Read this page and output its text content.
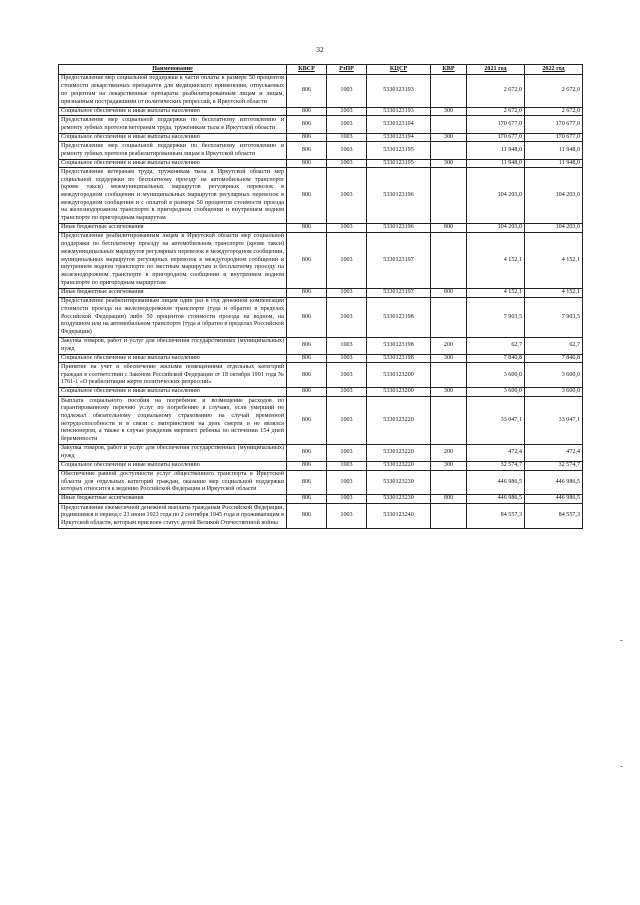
32
Наименование	КВСР	РзПР	КЦСР	КВР	2021 год	2022 год
Предоставление мер социальной поддержки в части оплаты в размере 50 процентов стоимости лекарственных препаратов для медицинского применения, отпускаемых по рецептам на лекарственные препараты реабилитированным лицам и лицам, признанным пострадавшими от политических репрессий, в Иркутской области	806	1003	5330123193		2 672,0	2 672,0
Социальное обеспечение и иные выплаты населению	806	1003	5330123193	300	2 672,0	2 672,0
Предоставление мер социальной поддержки по бесплатному изготовлению и ремонту зубных протезов ветеранам труда, труженикам тыла в Иркутской области	806	1003	5330123194		170 677,0	170 677,0
Социальное обеспечение и иные выплаты населению	806	1003	5330123194	300	170 677,0	170 677,0
Предоставление мер социальной поддержки по бесплатному изготовлению и ремонту зубных протезов реабилитированным лицам в Иркутской области	806	1003	5330123195		11 948,0	11 948,0
Социальное обеспечение и иные выплаты населению	806	1003	5330123195	300	11 948,0	11 948,0
Предоставление ветеранам труда, труженикам тыла в Иркутской области мер социальной поддержки по бесплатному проезду на автомобильном транспорте (кроме такси) межмуниципальных маршрутов регулярных перевозок в междугородном сообщении и муниципальных маршрутов регулярных перевозок в междугородном сообщении и с оплатой в размере 50 процентов стоимости проезда на железнодорожном транспорте в пригородном сообщении и внутреннем водном транспорте по пригородным маршрутам	806	1003	5330123196		104 203,0	104 203,0
Иные бюджетные ассигнования	806	1003	5330123196	800	104 203,0	104 203,0
Предоставление реабилитированным лицам в Иркутской области мер социальной поддержки по бесплатному проезду на автомобильном транспорте (кроме такси) межмуниципальных маршрутов регулярных перевозок в междугородном сообщении, муниципальных маршрутов регулярных перевозок в междугородном сообщении и внутреннем водном транспорте по местным маршрутам и бесплатному проезду на железнодорожном транспорте в пригородном сообщении и внутреннем водном транспорте по пригородным маршрутам	806	1003	5330123197		4 152,1	4 152,1
Иные бюджетные ассигнования	806	1003	5330123197	800	4 152,1	4 152,1
Предоставление реабилитированным лицам один раз в год денежной компенсации стоимости проезда на железнодорожном транспорте (туда и обратно в пределах Российской Федерации) либо 50 процентов стоимости проезда на водном, на воздушном или на автомобильном транспорте (туда и обратно в пределах Российской Федерации)	806	1003	5330123198		7 903,5	7 903,5
Закупка товаров, работ и услуг для обеспечения государственных (муниципальных) нужд	806	1003	5330123198	200	62,7	62,7
Социальное обеспечение и иные выплаты населению	806	1003	5330123198	300	7 840,8	7 840,8
Принятие на учет и обеспечение жилыми помещениями отдельных категорий граждан в соответствии с Законом Российской Федерации от 18 октября 1991 года № 1761-1 «О реабилитации жертв политических репрессий»	806	1003	5330123200		3 600,0	3 600,0
Социальное обеспечение и иные выплаты населению	806	1003	5330123200	300	3 600,0	3 600,0
Выплата социального пособия на погребение и возмещение расходов по гарантированному перечню услуг по погребению в случаях, если умерший не подлежал обязательному социальному страхованию на случай временной нетрудоспособности и в связи с материнством на день смерти и не являлся пенсионером, а также в случае рождения мертвого ребенка по истечении 154 дней беременности	806	1003	5330123220		33 047,1	33 047,1
Закупка товаров, работ и услуг для обеспечения государственных (муниципальных) нужд	806	1003	5330123220	200	472,4	472,4
Социальное обеспечение и иные выплаты населению	806	1003	5330123220	300	32 574,7	32 574,7
Обеспечение равной доступности услуг общественного транспорта в Иркутской области для отдельных категорий граждан, оказание мер социальной поддержки которых относится к ведению Российской Федерации и Иркутской области	806	1003	5330123230		446 986,5	446 986,5
Иные бюджетные ассигнования	806	1003	5330123230	800	446 986,5	446 986,5
Предоставление ежемесячной денежной выплаты гражданам Российской Федерации, родившимся в период с 23 июня 1923 года по 2 сентября 1945 года и проживающим в Иркутской области, которым присвоен статус детей Великой Отечественной войны	806	1003	5330123240		84 557,3	84 557,3
